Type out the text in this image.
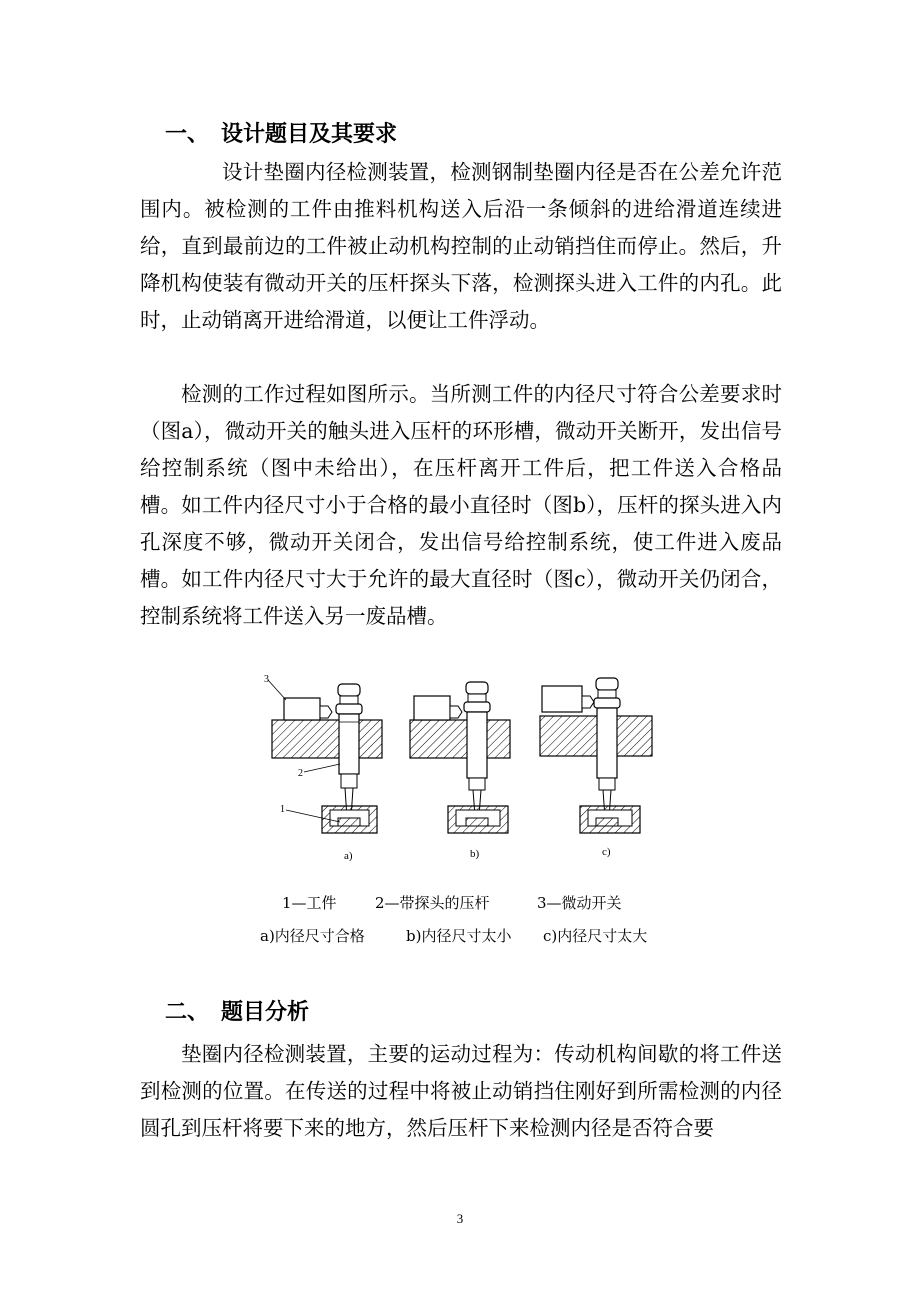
一、 设计题目及其要求
设计垫圈内径检测装置，检测钢制垫圈内径是否在公差允许范围内。被检测的工件由推料机构送入后沿一条倾斜的进给滑道连续进给，直到最前边的工件被止动机构控制的止动销挡住而停止。然后，升降机构使装有微动开关的压杆探头下落，检测探头进入工件的内孔。此时，止动销离开进给滑道，以便让工件浮动。
检测的工作过程如图所示。当所测工件的内径尺寸符合公差要求时（图a），微动开关的触头进入压杆的环形槽，微动开关断开，发出信号给控制系统（图中未给出），在压杆离开工件后，把工件送入合格品槽。如工件内径尺寸小于合格的最小直径时（图b），压杆的探头进入内孔深度不够，微动开关闭合，发出信号给控制系统，使工件进入废品槽。如工件内径尺寸大于允许的最大直径时（图c），微动开关仍闭合，控制系统将工件送入另一废品槽。
3
2
1
a)	b)	c)
1—工件	2—带探头的压杆	3—微动开关
a)内径尺寸合格	b)内径尺寸太小 c)内径尺寸太大
二、 题目分析
垫圈内径检测装置，主要的运动过程为：传动机构间歇的将工件送到检测的位置。在传送的过程中将被止动销挡住刚好到所需检测的内径圆孔到压杆将要下来的地方，然后压杆下来检测内径是否符合要
3
